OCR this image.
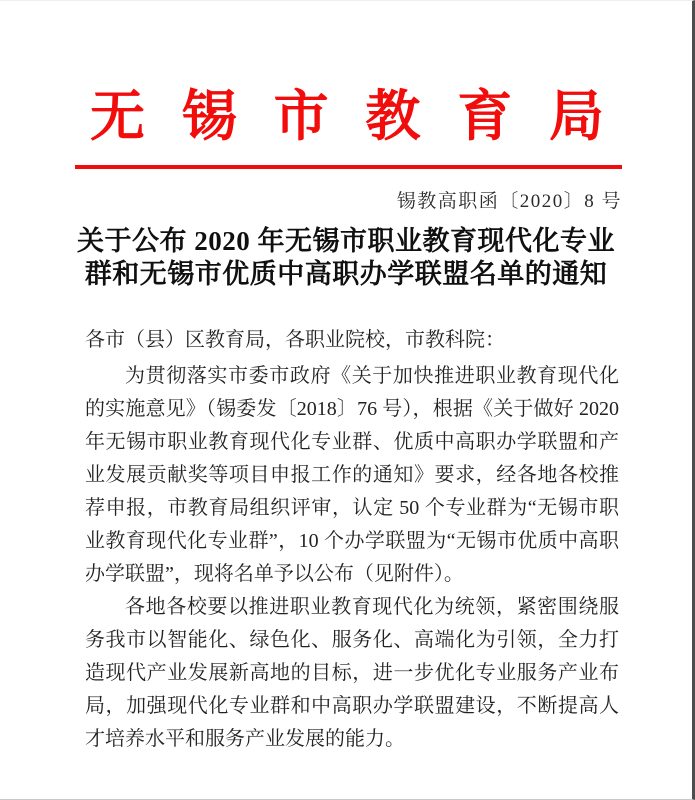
无 锡 市 教 育 局
锡教高职函〔2020〕8 号
关于公布 2020 年无锡市职业教育现代化专业
群和无锡市优质中高职办学联盟名单的通知

各市（县）区教育局，各职业院校，市教科院：

为贯彻落实市委市政府《关于加快推进职业教育现代化的实施意见》（锡委发〔2018〕76 号），根据《关于做好 2020 年无锡市职业教育现代化专业群、优质中高职办学联盟和产业发展贡献奖等项目申报工作的通知》要求，经各地各校推荐申报，市教育局组织评审，认定 50 个专业群为“无锡市职业教育现代化专业群”，10 个办学联盟为“无锡市优质中高职办学联盟”，现将名单予以公布（见附件）。

各地各校要以推进职业教育现代化为统领，紧密围绕服务我市以智能化、绿色化、服务化、高端化为引领，全力打造现代产业发展新高地的目标，进一步优化专业服务产业布局，加强现代化专业群和中高职办学联盟建设，不断提高人才培养水平和服务产业发展的能力。
